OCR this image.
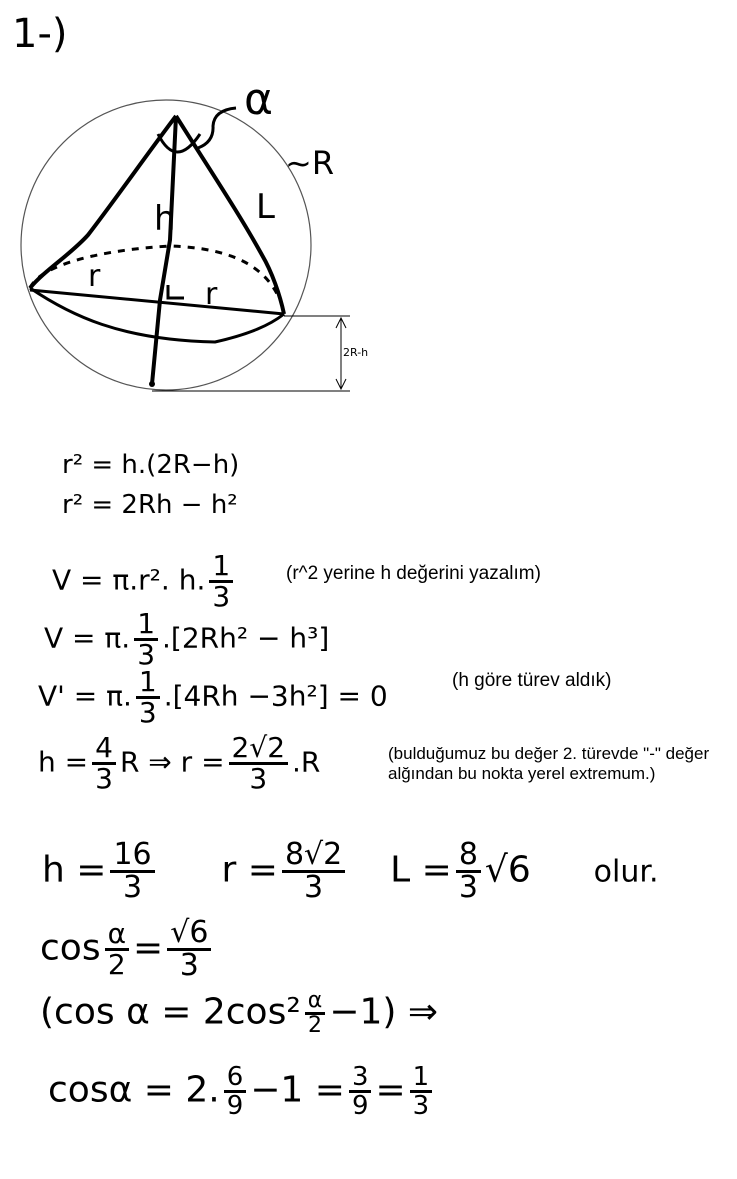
1-)
α
~R
L
h
r
r
2R-h
r² = h.(2R−h)
r² = 2Rh − h²
V = π.r². h. $\frac{1}{3}$	(r^2 yerine h değerini yazalım)
V = π. $\frac{1}{3} .[2Rh^2 - h^3]$
V' = π. $\frac{1}{3} .[4Rh -3h^2] = 0$	(h göre türev aldık)
$h = \frac{4}{3}$ R ⇒ $r = \frac{2√2}{3} .R$	(bulduğumuz bu değer 2. türevde "-" değer alğından bu nokta yerel extremum.)
$h = \frac{16}{3}$ $r = \frac{8√2}{3}$ $L = \frac{8}{3} √6$ olur.
$\cos \frac{\alpha}{2} = \frac{√6}{3}$
(cos $\alpha = 2\cos^2 \frac{\alpha}{2} -1$) ⇒
cosα = 2. $\frac{6}{9} -1 = \frac{3}{9} = \frac{1}{3}$
